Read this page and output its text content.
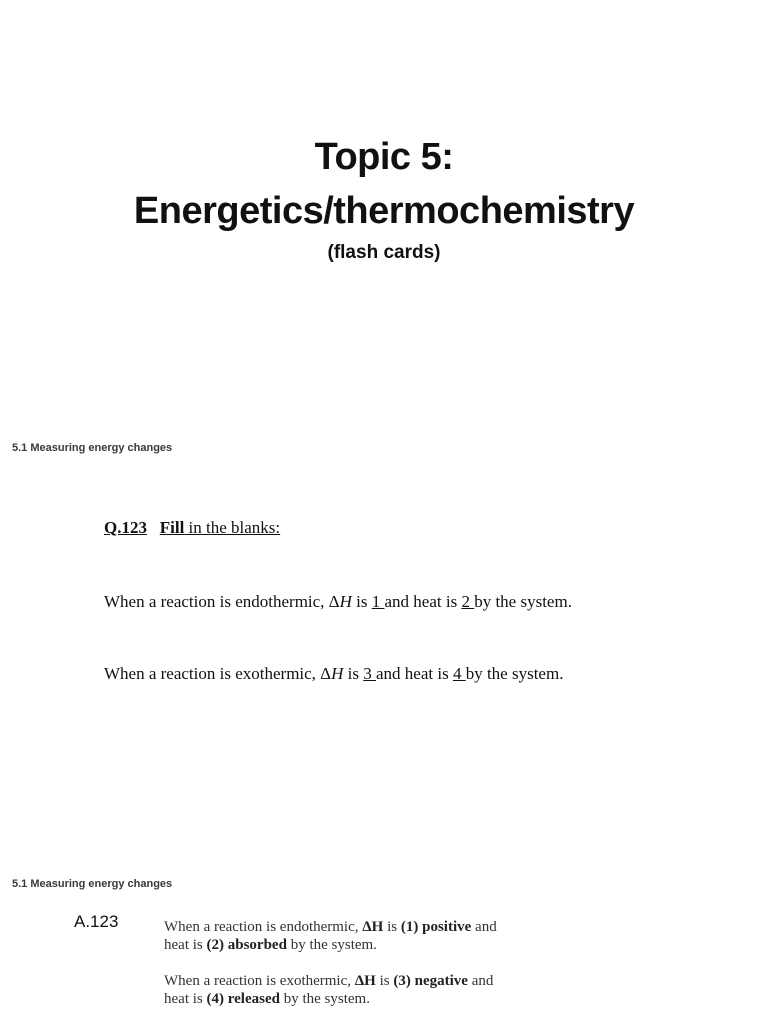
Topic 5:
Energetics/thermochemistry
(flash cards)
5.1 Measuring energy changes
Q.123 Fill in the blanks:
When a reaction is endothermic, ΔH is 1 and heat is 2 by the system.
When a reaction is exothermic, ΔH is 3 and heat is 4 by the system.
5.1 Measuring energy changes
A.123	When a reaction is endothermic, ΔH is (1) positive and
heat is (2) absorbed by the system.

When a reaction is exothermic, ΔH is (3) negative and
heat is (4) released by the system.
